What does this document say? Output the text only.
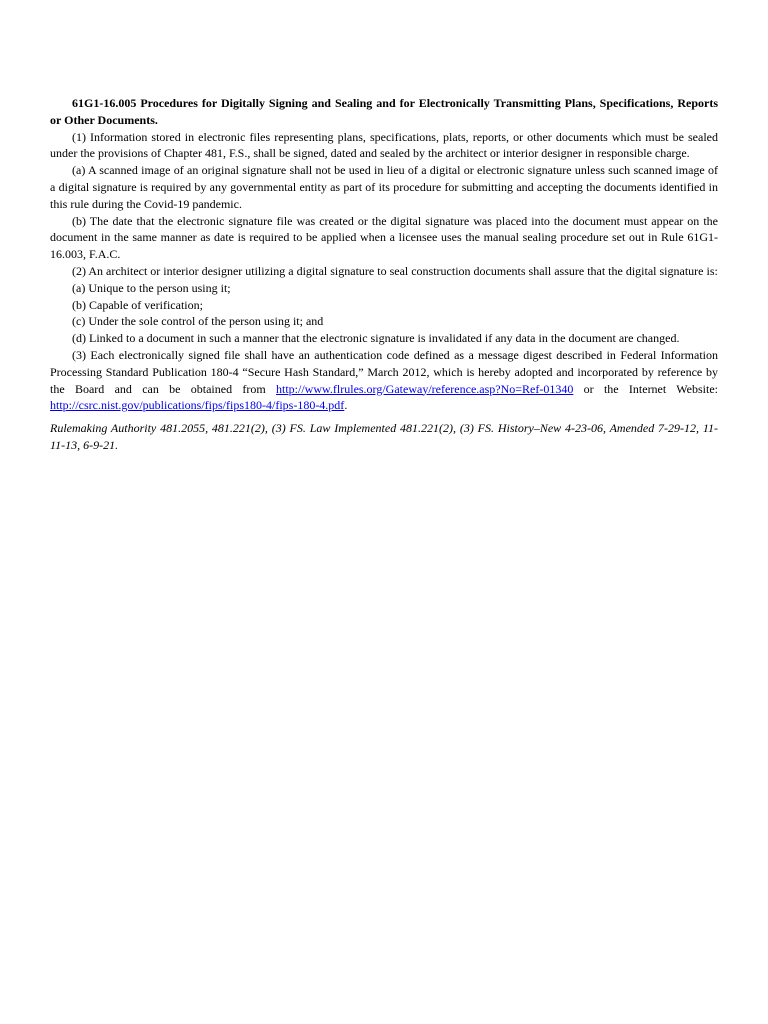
61G1-16.005 Procedures for Digitally Signing and Sealing and for Electronically Transmitting Plans, Specifications, Reports or Other Documents.

(1) Information stored in electronic files representing plans, specifications, plats, reports, or other documents which must be sealed under the provisions of Chapter 481, F.S., shall be signed, dated and sealed by the architect or interior designer in responsible charge.

(a) A scanned image of an original signature shall not be used in lieu of a digital or electronic signature unless such scanned image of a digital signature is required by any governmental entity as part of its procedure for submitting and accepting the documents identified in this rule during the Covid-19 pandemic.

(b) The date that the electronic signature file was created or the digital signature was placed into the document must appear on the document in the same manner as date is required to be applied when a licensee uses the manual sealing procedure set out in Rule 61G1-16.003, F.A.C.

(2) An architect or interior designer utilizing a digital signature to seal construction documents shall assure that the digital signature is:

(a) Unique to the person using it;

(b) Capable of verification;

(c) Under the sole control of the person using it; and

(d) Linked to a document in such a manner that the electronic signature is invalidated if any data in the document are changed.

(3) Each electronically signed file shall have an authentication code defined as a message digest described in Federal Information Processing Standard Publication 180-4 “Secure Hash Standard,” March 2012, which is hereby adopted and incorporated by reference by the Board and can be obtained from http://www.flrules.org/Gateway/reference.asp?No=Ref-01340 or the Internet Website: http://csrc.nist.gov/publications/fips/fips180-4/fips-180-4.pdf.

Rulemaking Authority 481.2055, 481.221(2), (3) FS. Law Implemented 481.221(2), (3) FS. History–New 4-23-06, Amended 7-29-12, 11-11-13, 6-9-21.
